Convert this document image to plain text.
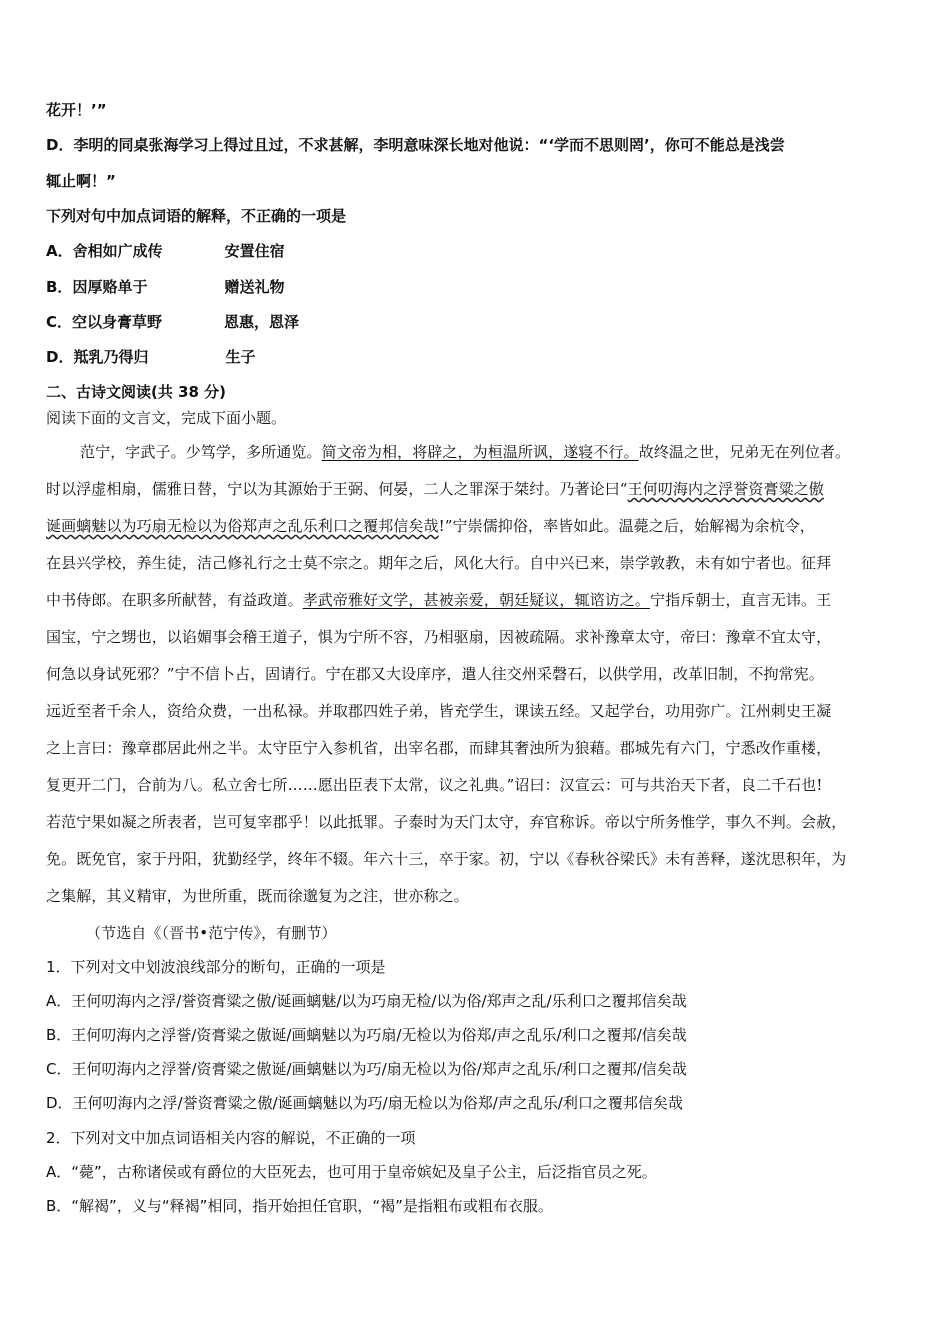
花开！’”
D．李明的同桌张海学习上得过且过，不求甚解，李明意味深长地对他说：“‘学而不思则罔’，你可不能总是浅尝
辄止啊！”
下列对句中加点词语的解释，不正确的一项是
A．舍相如广成传	安置住宿
B．因厚赂单于	赠送礼物
C．空以身膏草野	恩惠，恩泽
D．羝乳乃得归	生子
二、古诗文阅读(共 38 分)
阅读下面的文言文，完成下面小题。
范宁，字武子。少笃学，多所通览。简文帝为相，将辟之，为桓温所讽，遂寝不行。故终温之世，兄弟无在列位者。
时以浮虚相扇，儒雅日替，宁以为其源始于王弼、何晏，二人之罪深于桀纣。乃著论曰“王何叨海内之浮誉资膏粱之傲
诞画螭魅以为巧扇无检以为俗郑声之乱乐利口之覆邦信矣哉!”宁崇儒抑俗，率皆如此。温薨之后，始解褐为余杭令，
在县兴学校，养生徒，洁己修礼行之士莫不宗之。期年之后，风化大行。自中兴已来，崇学敦教，未有如宁者也。征拜
中书侍郎。在职多所献替，有益政道。孝武帝雅好文学，甚被亲爱，朝廷疑议，辄谘访之。宁指斥朝士，直言无讳。王
国宝，宁之甥也，以谄媚事会稽王道子，惧为宁所不容，乃相驱扇，因被疏隔。求补豫章太守，帝曰：豫章不宜太守，
何急以身试死邪？”宁不信卜占，固请行。宁在郡又大设庠序，遣人往交州采磬石，以供学用，改革旧制，不拘常宪。
远近至者千余人，资给众费，一出私禄。并取郡四姓子弟，皆充学生，课读五经。又起学台，功用弥广。江州刺史王凝
之上言曰：豫章郡居此州之半。太守臣宁入参机省，出宰名郡，而肆其奢浊所为狼藉。郡城先有六门，宁悉改作重楼，
复更开二门，合前为八。私立舍七所……愿出臣表下太常，议之礼典。”诏曰：汉宣云：可与共治天下者，良二千石也!
若范宁果如凝之所表者，岂可复宰郡乎！以此抵罪。子泰时为天门太守，弃官称诉。帝以宁所务惟学，事久不判。会赦，
免。既免官，家于丹阳，犹勤经学，终年不辍。年六十三，卒于家。初，宁以《春秋谷梁氏》未有善释，遂沈思积年，为
之集解，其义精审，为世所重，既而徐邈复为之注，世亦称之。
（节选自《（晋书•范宁传》，有删节）
1．下列对文中划波浪线部分的断句，正确的一项是
A．王何叨海内之浮/誉资膏粱之傲/诞画螭魅/以为巧扇无检/以为俗/郑声之乱/乐利口之覆邦信矣哉
B．王何叨海内之浮誉/资膏粱之傲诞/画螭魅以为巧扇/无检以为俗郑/声之乱乐/利口之覆邦/信矣哉
C．王何叨海内之浮誉/资膏粱之傲诞/画螭魅以为巧/扇无检以为俗/郑声之乱乐/利口之覆邦/信矣哉
D．王何叨海内之浮/誉资膏粱之傲/诞画螭魅以为巧/扇无检以为俗郑/声之乱乐/利口之覆邦信矣哉
2．下列对文中加点词语相关内容的解说，不正确的一项
A．“薨”，古称诸侯或有爵位的大臣死去，也可用于皇帝嫔妃及皇子公主，后泛指官员之死。
B．“解褐”，义与“释褐”相同，指开始担任官职，“褐”是指粗布或粗布衣服。
